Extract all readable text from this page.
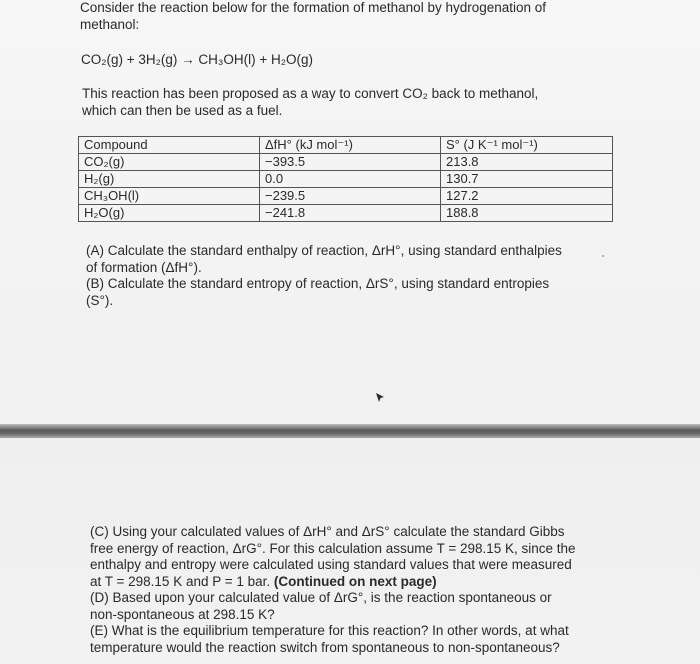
Consider the reaction below for the formation of methanol by hydrogenation of
methanol:
CO₂(g) + 3H₂(g) → CH₃OH(l) + H₂O(g)
This reaction has been proposed as a way to convert CO₂ back to methanol,
which can then be used as a fuel.
Compound	ΔfH° (kJ mol⁻¹)	S° (J K⁻¹ mol⁻¹)
CO₂(g)	−393.5	213.8
H₂(g)	0.0	130.7
CH₃OH(l)	−239.5	127.2
H₂O(g)	−241.8	188.8
(A) Calculate the standard enthalpy of reaction, ΔrH°, using standard enthalpies
of formation (ΔfH°).
(B) Calculate the standard entropy of reaction, ΔrS°, using standard entropies
(S°).
(C) Using your calculated values of ΔrH° and ΔrS° calculate the standard Gibbs
free energy of reaction, ΔrG°. For this calculation assume T = 298.15 K, since the
enthalpy and entropy were calculated using standard values that were measured
at T = 298.15 K and P = 1 bar. (Continued on next page)
(D) Based upon your calculated value of ΔrG°, is the reaction spontaneous or
non-spontaneous at 298.15 K?
(E) What is the equilibrium temperature for this reaction? In other words, at what
temperature would the reaction switch from spontaneous to non-spontaneous?
